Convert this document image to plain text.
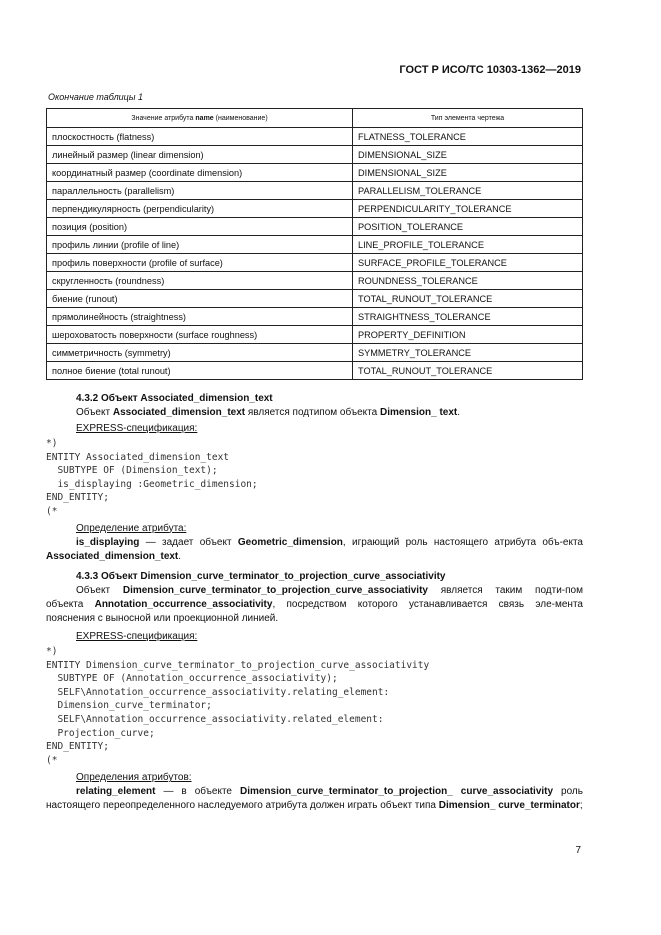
ГОСТ Р ИСО/ТС 10303-1362—2019
Окончание таблицы 1
Значение атрибута name (наименование)	Тип элемента чертежа
плоскостность (flatness)	FLATNESS_TOLERANCE
линейный размер (linear dimension)	DIMENSIONAL_SIZE
координатный размер (coordinate dimension)	DIMENSIONAL_SIZE
параллельность (parallelism)	PARALLELISM_TOLERANCE
перпендикулярность (perpendicularity)	PERPENDICULARITY_TOLERANCE
позиция (position)	POSITION_TOLERANCE
профиль линии (profile of line)	LINE_PROFILE_TOLERANCE
профиль поверхности (profile of surface)	SURFACE_PROFILE_TOLERANCE
скругленность (roundness)	ROUNDNESS_TOLERANCE
биение (runout)	TOTAL_RUNOUT_TOLERANCE
прямолинейность (straightness)	STRAIGHTNESS_TOLERANCE
шероховатость поверхности (surface roughness)	PROPERTY_DEFINITION
симметричность (symmetry)	SYMMETRY_TOLERANCE
полное биение (total runout)	TOTAL_RUNOUT_TOLERANCE

4.3.2 Объект Associated_dimension_text

Объект Associated_dimension_text является подтипом объекта Dimension_ text.

EXPRESS-спецификация:

*)
ENTITY Associated_dimension_text
SUBTYPE OF (Dimension_text);
is_displaying :Geometric_dimension;
END_ENTITY;
(*

Определение атрибута:

is_displaying — задает объект Geometric_dimension, играющий роль настоящего атрибута объ-екта Associated_dimension_text.

4.3.3 Объект Dimension_curve_terminator_to_projection_curve_associativity

Объект Dimension_curve_terminator_to_projection_curve_associativity является таким подти-пом объекта Annotation_occurrence_associativity, посредством которого устанавливается связь эле-мента пояснения с выносной или проекционной линией.

EXPRESS-спецификация:

*)
ENTITY Dimension_curve_terminator_to_projection_curve_associativity
SUBTYPE OF (Annotation_occurrence_associativity);
SELF\Annotation_occurrence_associativity.relating_element:
Dimension_curve_terminator;
SELF\Annotation_occurrence_associativity.related_element:
Projection_curve;
END_ENTITY;
(*

Определения атрибутов:

relating_element — в объекте Dimension_curve_terminator_to_projection_ curve_associativity роль настоящего переопределенного наследуемого атрибута должен играть объект типа Dimension_ curve_terminator;

7
